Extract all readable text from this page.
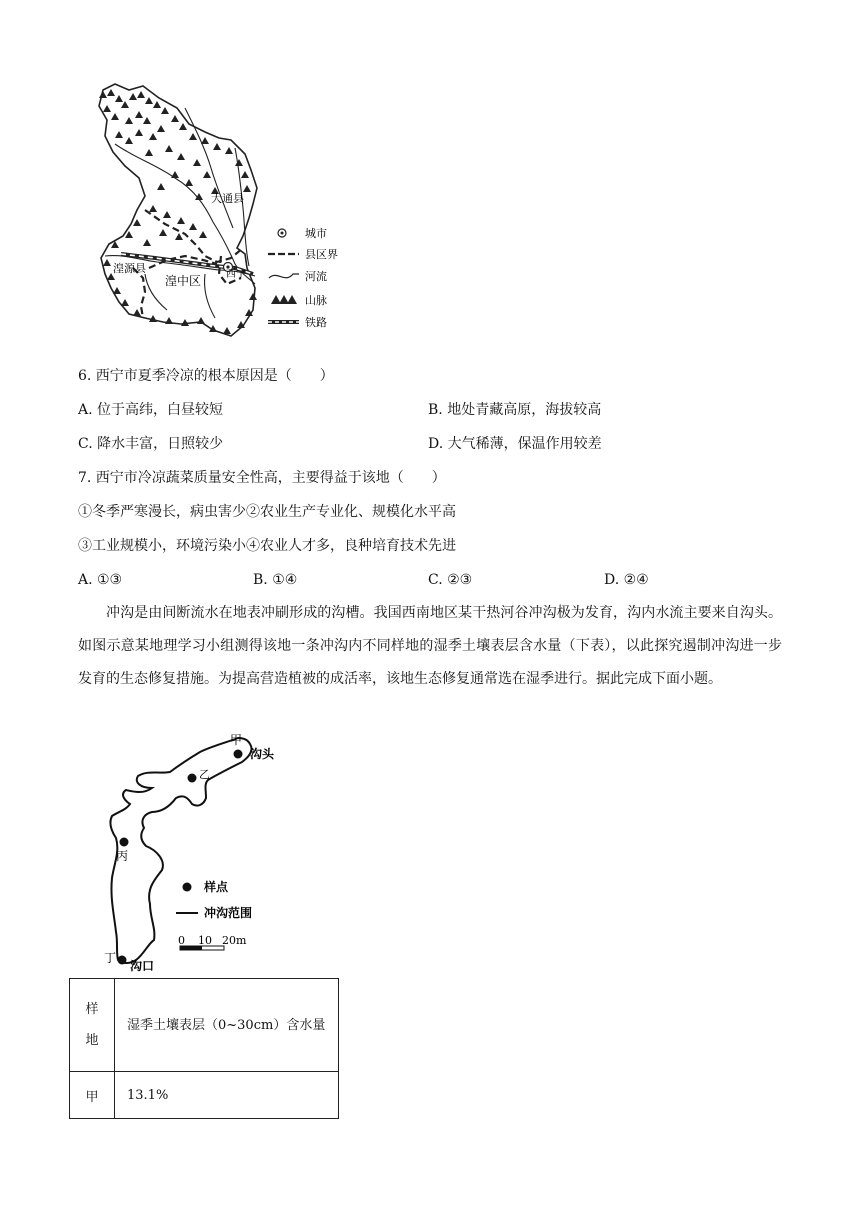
大通县
湟源县
湟中区 西宁
城市
县区界
河流
山脉
铁路
6. 西宁市夏季冷凉的根本原因是（　　）
A. 位于高纬，白昼较短	B. 地处青藏高原，海拔较高
C. 降水丰富，日照较少	D. 大气稀薄，保温作用较差
7. 西宁市冷凉蔬菜质量安全性高，主要得益于该地（　　）
①冬季严寒漫长，病虫害少②农业生产专业化、规模化水平高
③工业规模小，环境污染小④农业人才多，良种培育技术先进
A. ①③	B. ①④	C. ②③	D. ②④
冲沟是由间断流水在地表冲刷形成的沟槽。我国西南地区某干热河谷冲沟极为发育，沟内水流主要来自沟头。如图示意某地理学习小组测得该地一条冲沟内不同样地的湿季土壤表层含水量（下表），以此探究遏制冲沟进一步发育的生态修复措施。为提高营造植被的成活率，该地生态修复通常选在湿季进行。据此完成下面小题。
甲
沟头
乙
丙
丁
沟口
样点
冲沟范围
0 10 20m
样
地	湿季土壤表层（0~30cm）含水量
甲	13.1%
